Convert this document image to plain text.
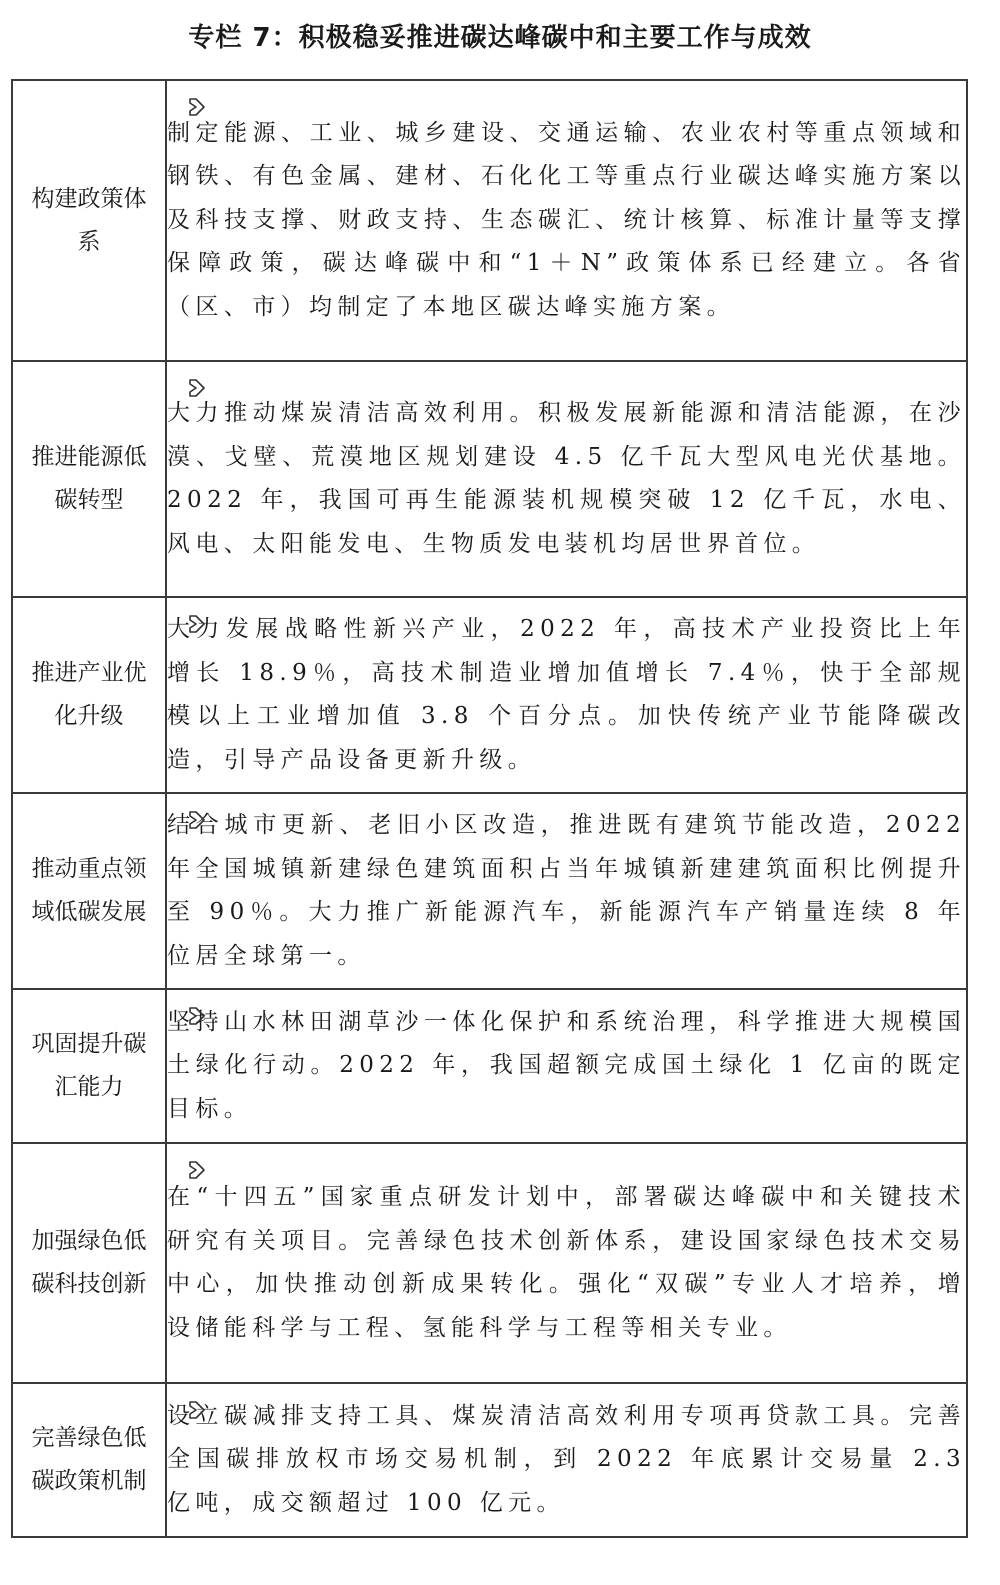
专栏 7：积极稳妥推进碳达峰碳中和主要工作与成效
构建政策体系	制定能源、工业、城乡建设、交通运输、农业农村等重点领域和钢铁、有色金属、建材、石化化工等重点行业碳达峰实施方案以及科技支撑、财政支持、生态碳汇、统计核算、标准计量等支撑保障政策，碳达峰碳中和“1＋N”政策体系已经建立。各省（区、市）均制定了本地区碳达峰实施方案。

推进能源低碳转型	大力推动煤炭清洁高效利用。积极发展新能源和清洁能源，在沙漠、戈壁、荒漠地区规划建设 4.5 亿千瓦大型风电光伏基地。2022 年，我国可再生能源装机规模突破 12 亿千瓦，水电、风电、太阳能发电、生物质发电装机均居世界首位。

推进产业优化升级	大力发展战略性新兴产业，2022 年，高技术产业投资比上年增长 18.9％，高技术制造业增加值增长 7.4％，快于全部规模以上工业增加值 3.8 个百分点。加快传统产业节能降碳改造，引导产品设备更新升级。

推动重点领域低碳发展	结合城市更新、老旧小区改造，推进既有建筑节能改造，2022 年全国城镇新建绿色建筑面积占当年城镇新建建筑面积比例提升至 90％。大力推广新能源汽车，新能源汽车产销量连续 8 年位居全球第一。

巩固提升碳汇能力	坚持山水林田湖草沙一体化保护和系统治理，科学推进大规模国土绿化行动。2022 年，我国超额完成国土绿化 1 亿亩的既定目标。

加强绿色低碳科技创新	在“十四五”国家重点研发计划中，部署碳达峰碳中和关键技术研究有关项目。完善绿色技术创新体系，建设国家绿色技术交易中心，加快推动创新成果转化。强化“双碳”专业人才培养，增设储能科学与工程、氢能科学与工程等相关专业。

完善绿色低碳政策机制	设立碳减排支持工具、煤炭清洁高效利用专项再贷款工具。完善全国碳排放权市场交易机制，到 2022 年底累计交易量 2.3 亿吨，成交额超过 100 亿元。
